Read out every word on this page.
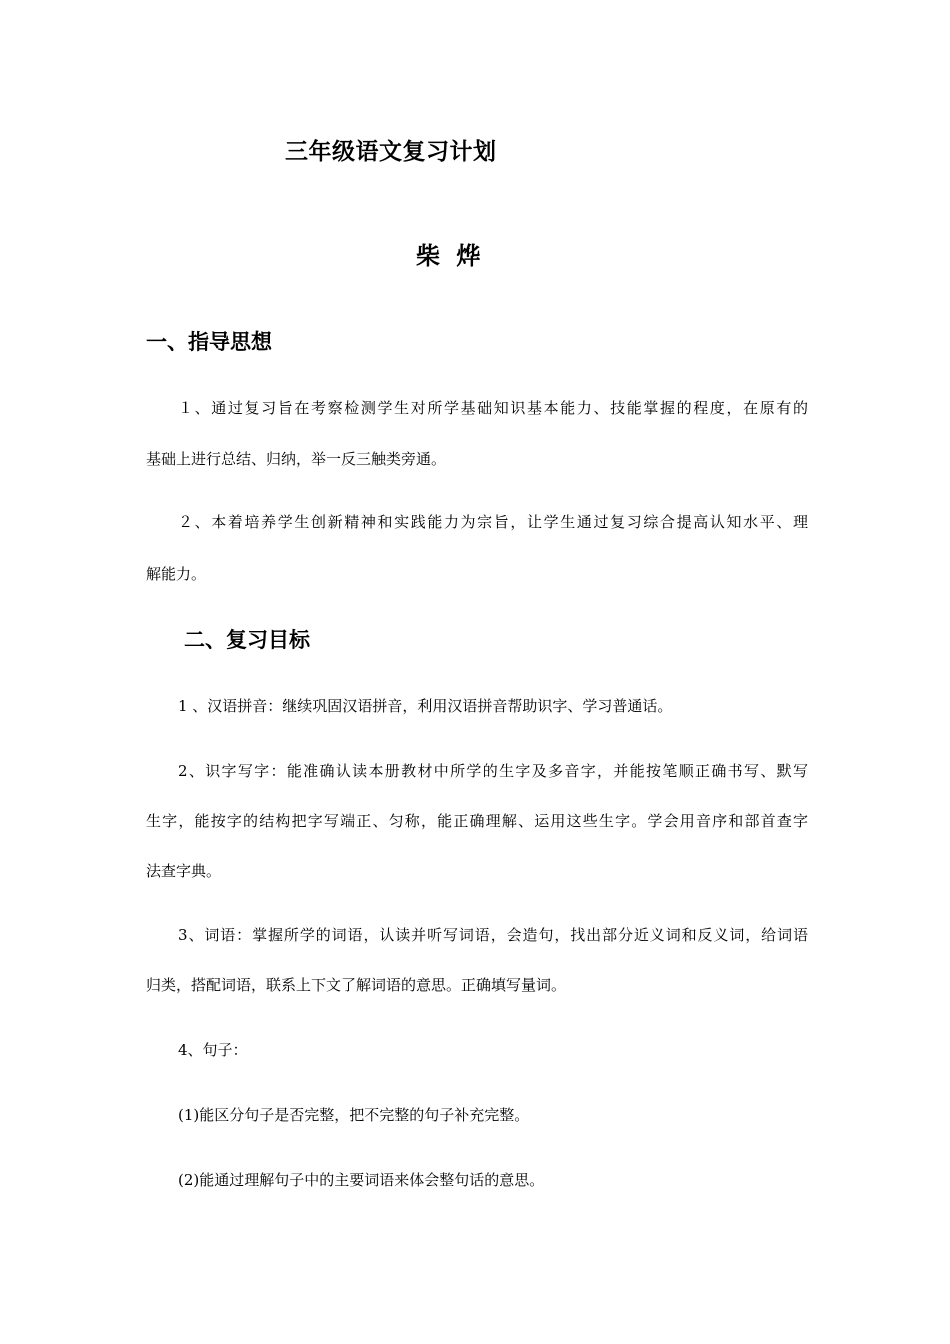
三年级语文复习计划
柴 烨
一、指导思想
１、通过复习旨在考察检测学生对所学基础知识基本能力、技能掌握的程度，在原有的
基础上进行总结、归纳，举一反三触类旁通。
２、本着培养学生创新精神和实践能力为宗旨，让学生通过复习综合提高认知水平、理
解能力。
二、复习目标
1 、汉语拼音：继续巩固汉语拼音，利用汉语拼音帮助识字、学习普通话。
2、识字写字：能准确认读本册教材中所学的生字及多音字，并能按笔顺正确书写、默写
生字，能按字的结构把字写端正、匀称，能正确理解、运用这些生字。学会用音序和部首查字
法查字典。
3、词语：掌握所学的词语，认读并听写词语，会造句，找出部分近义词和反义词，给词语
归类，搭配词语，联系上下文了解词语的意思。正确填写量词。
4、句子：
(1)能区分句子是否完整，把不完整的句子补充完整。
(2)能通过理解句子中的主要词语来体会整句话的意思。
